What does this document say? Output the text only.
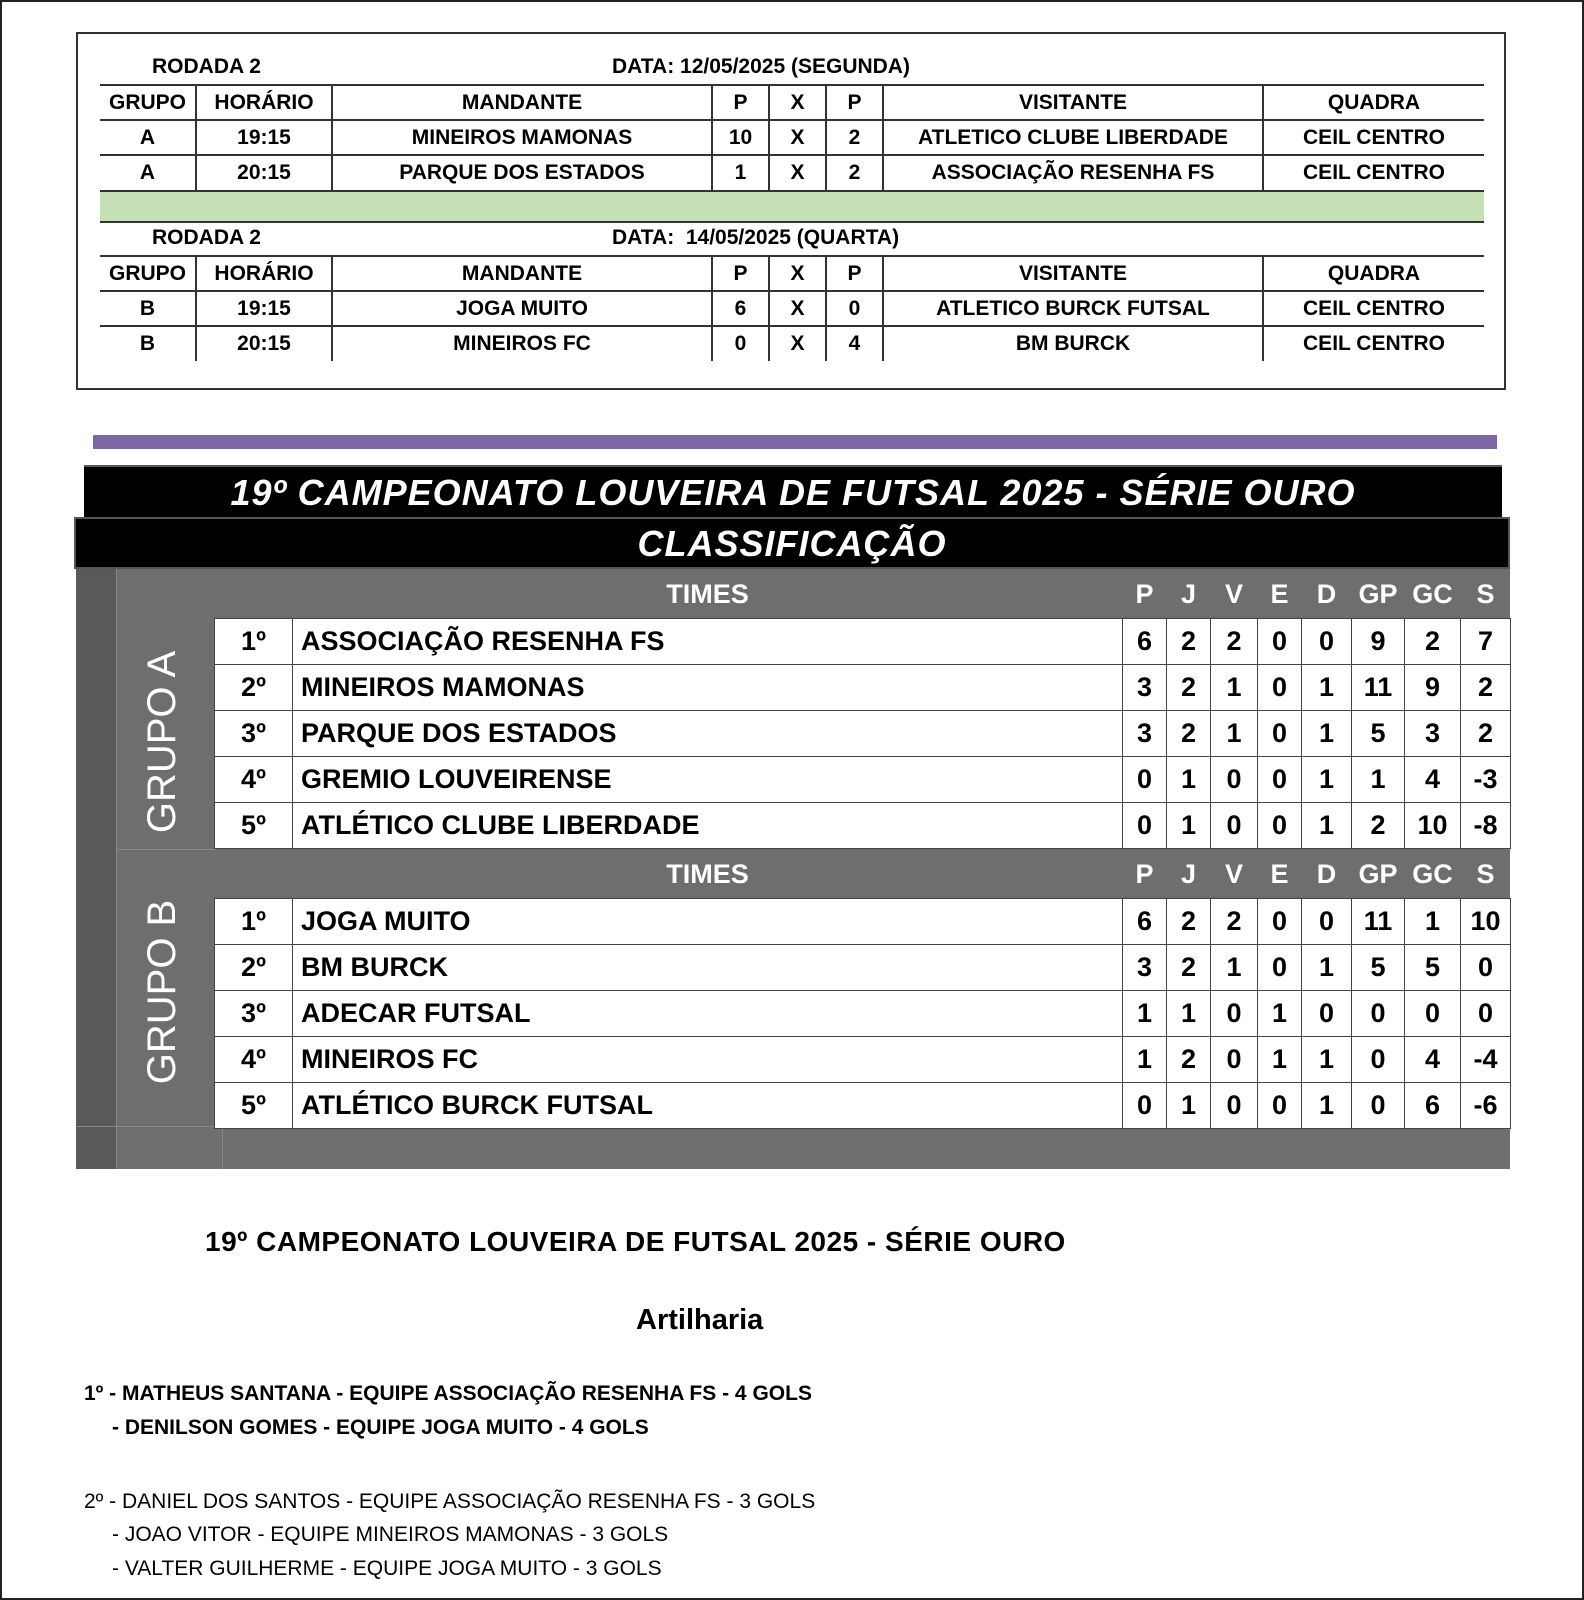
RODADA 2	DATA: 12/05/2025 (SEGUNDA)
GRUPO	HORÁRIO	MANDANTE	P	X	P	VISITANTE	QUADRA
A	19:15	MINEIROS MAMONAS	10	X	2	ATLETICO CLUBE LIBERDADE	CEIL CENTRO
A	20:15	PARQUE DOS ESTADOS	1	X	2	ASSOCIAÇÃO RESENHA FS	CEIL CENTRO
RODADA 2	DATA:  14/05/2025 (QUARTA)
GRUPO	HORÁRIO	MANDANTE	P	X	P	VISITANTE	QUADRA
B	19:15	JOGA MUITO	6	X	0	ATLETICO BURCK FUTSAL	CEIL CENTRO
B	20:15	MINEIROS FC	0	X	4	BM BURCK	CEIL CENTRO
19º CAMPEONATO LOUVEIRA DE FUTSAL 2025 - SÉRIE OURO
CLASSIFICAÇÃO
GRUPO A
GRUPO B
	TIMES	P	J	V	E	D	GP	GC	S
1º	ASSOCIAÇÃO RESENHA FS	6	2	2	0	0	9	2	7
2º	MINEIROS MAMONAS	3	2	1	0	1	11	9	2
3º	PARQUE DOS ESTADOS	3	2	1	0	1	5	3	2
4º	GREMIO LOUVEIRENSE	0	1	0	0	1	1	4	-3
5º	ATLÉTICO CLUBE LIBERDADE	0	1	0	0	1	2	10	-8
	TIMES	P	J	V	E	D	GP	GC	S
1º	JOGA MUITO	6	2	2	0	0	11	1	10
2º	BM BURCK	3	2	1	0	1	5	5	0
3º	ADECAR FUTSAL	1	1	0	1	0	0	0	0
4º	MINEIROS FC	1	2	0	1	1	0	4	-4
5º	ATLÉTICO BURCK FUTSAL	0	1	0	0	1	0	6	-6
19º CAMPEONATO LOUVEIRA DE FUTSAL 2025 - SÉRIE OURO
Artilharia
1º - MATHEUS SANTANA - EQUIPE ASSOCIAÇÃO RESENHA FS - 4 GOLS
- DENILSON GOMES - EQUIPE JOGA MUITO - 4 GOLS
2º - DANIEL DOS SANTOS - EQUIPE ASSOCIAÇÃO RESENHA FS - 3 GOLS
- JOAO VITOR - EQUIPE MINEIROS MAMONAS - 3 GOLS
- VALTER GUILHERME - EQUIPE JOGA MUITO - 3 GOLS
